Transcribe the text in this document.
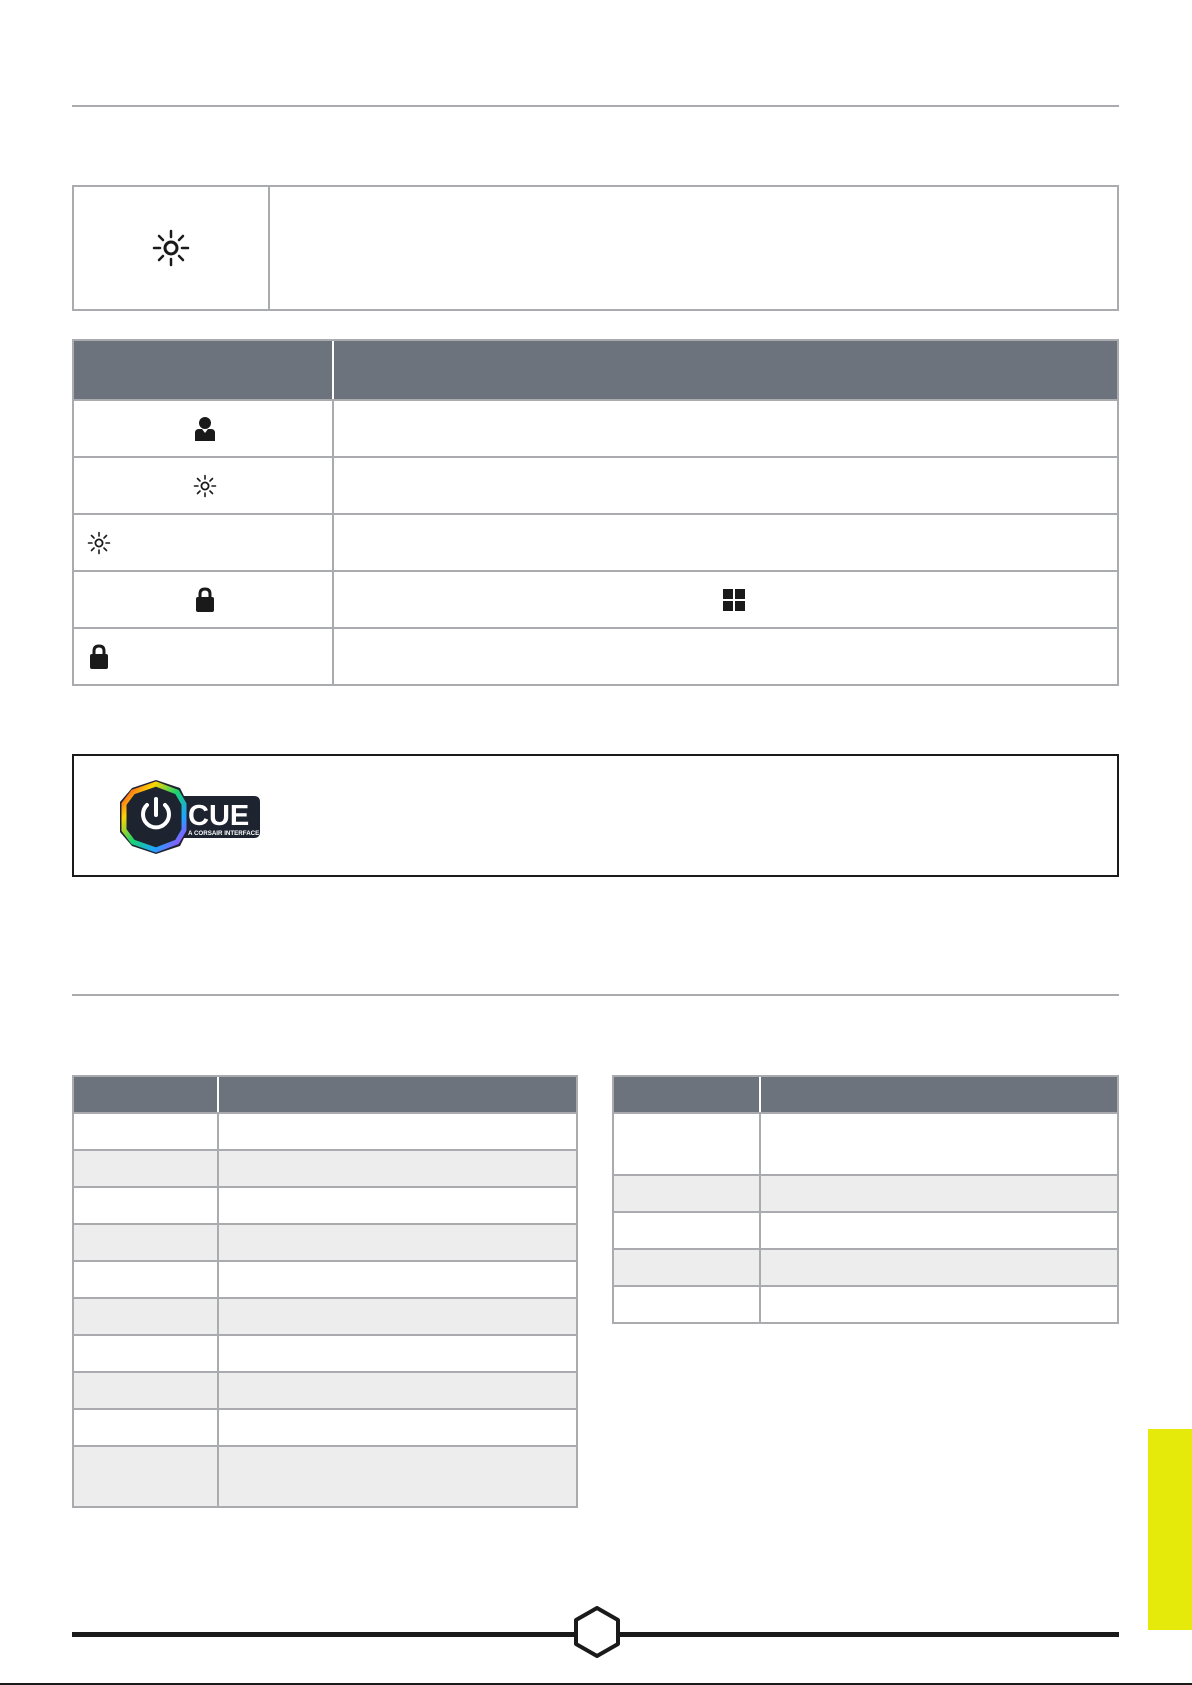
CUE
A CORSAIR INTERFACE
